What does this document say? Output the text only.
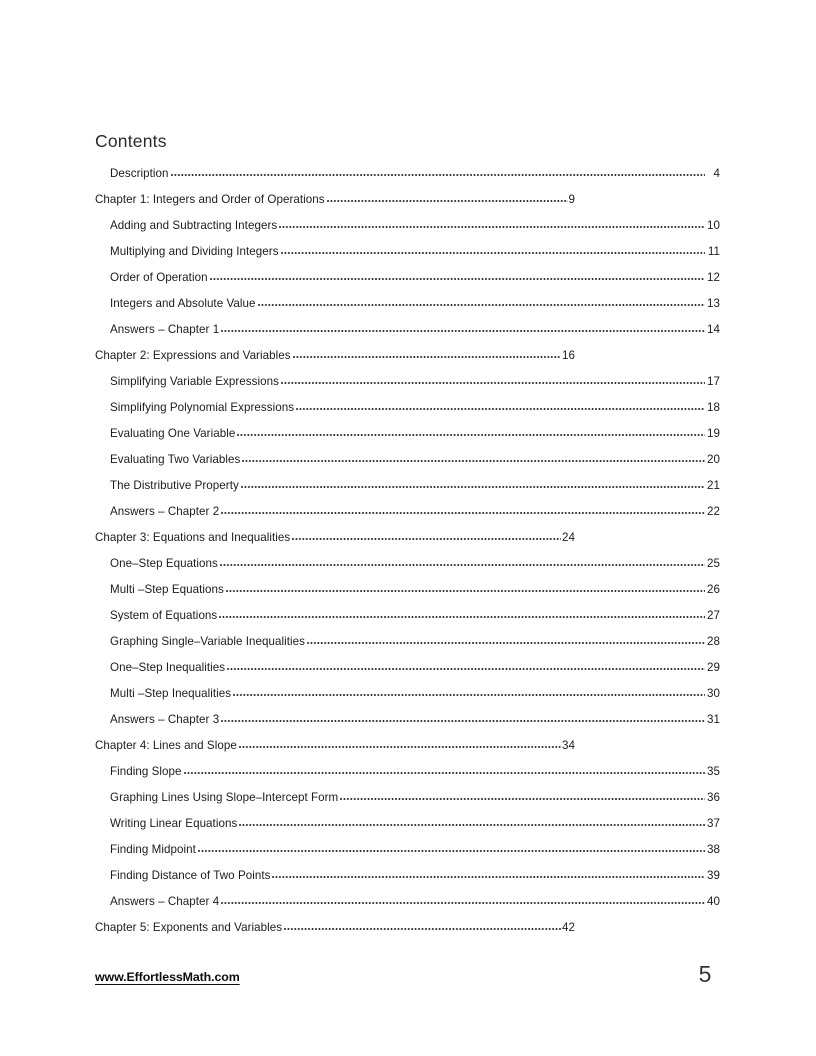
Contents
Description	4
Chapter 1: Integers and Order of Operations	9
Adding and Subtracting Integers	10
Multiplying and Dividing Integers	11
Order of Operation	12
Integers and Absolute Value	13
Answers – Chapter 1	14
Chapter 2: Expressions and Variables	16
Simplifying Variable Expressions	17
Simplifying Polynomial Expressions	18
Evaluating One Variable	19
Evaluating Two Variables	20
The Distributive Property	21
Answers – Chapter 2	22
Chapter 3: Equations and Inequalities	24
One–Step Equations	25
Multi –Step Equations	26
System of Equations	27
Graphing Single–Variable Inequalities	28
One–Step Inequalities	29
Multi –Step Inequalities	30
Answers – Chapter 3	31
Chapter 4: Lines and Slope	34
Finding Slope	35
Graphing Lines Using Slope–Intercept Form	36
Writing Linear Equations	37
Finding Midpoint	38
Finding Distance of Two Points	39
Answers – Chapter 4	40
Chapter 5: Exponents and Variables	42
www.EffortlessMath.com	5
